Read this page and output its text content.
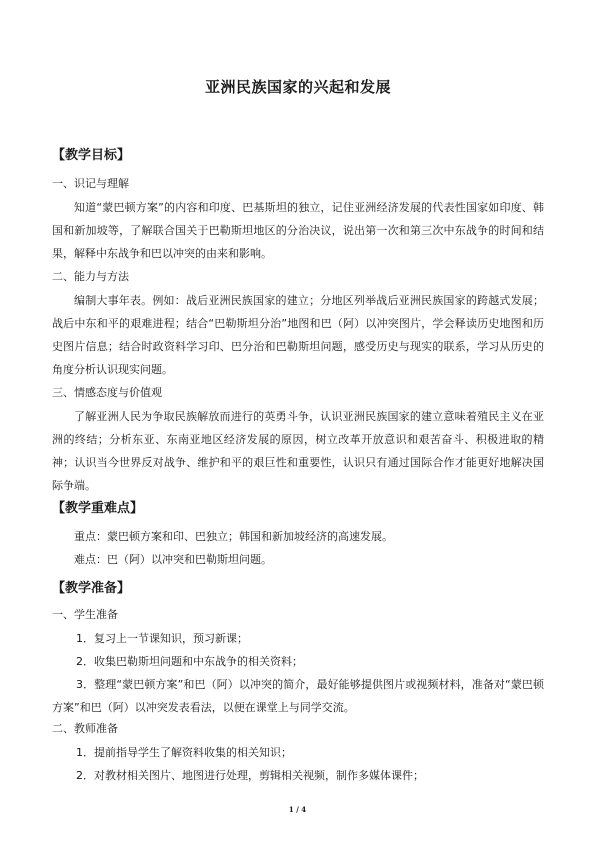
亚洲民族国家的兴起和发展
【教学目标】
一、识记与理解

知道“蒙巴顿方案”的内容和印度、巴基斯坦的独立，记住亚洲经济发展的代表性国家如印度、韩国和新加坡等，了解联合国关于巴勒斯坦地区的分治决议，说出第一次和第三次中东战争的时间和结果，解释中东战争和巴以冲突的由来和影响。

二、能力与方法

编制大事年表。例如：战后亚洲民族国家的建立；分地区列举战后亚洲民族国家的跨越式发展；战后中东和平的艰难进程；结合“巴勒斯坦分治”地图和巴（阿）以冲突图片，学会释读历史地图和历史图片信息；结合时政资料学习印、巴分治和巴勒斯坦问题，感受历史与现实的联系，学习从历史的角度分析认识现实问题。

三、情感态度与价值观

了解亚洲人民为争取民族解放而进行的英勇斗争，认识亚洲民族国家的建立意味着殖民主义在亚洲的终结；分析东亚、东南亚地区经济发展的原因，树立改革开放意识和艰苦奋斗、积极进取的精神；认识当今世界反对战争、维护和平的艰巨性和重要性，认识只有通过国际合作才能更好地解决国际争端。

【教学重难点】

重点：蒙巴顿方案和印、巴独立；韩国和新加坡经济的高速发展。

难点：巴（阿）以冲突和巴勒斯坦问题。

【教学准备】
一、学生准备

1．复习上一节课知识，预习新课；

2．收集巴勒斯坦问题和中东战争的相关资料；

3．整理“蒙巴顿方案”和巴（阿）以冲突的简介，最好能够提供图片或视频材料，准备对“蒙巴顿方案”和巴（阿）以冲突发表看法，以便在课堂上与同学交流。

二、教师准备

1．提前指导学生了解资料收集的相关知识；

2．对教材相关图片、地图进行处理，剪辑相关视频，制作多媒体课件；

1 / 4
